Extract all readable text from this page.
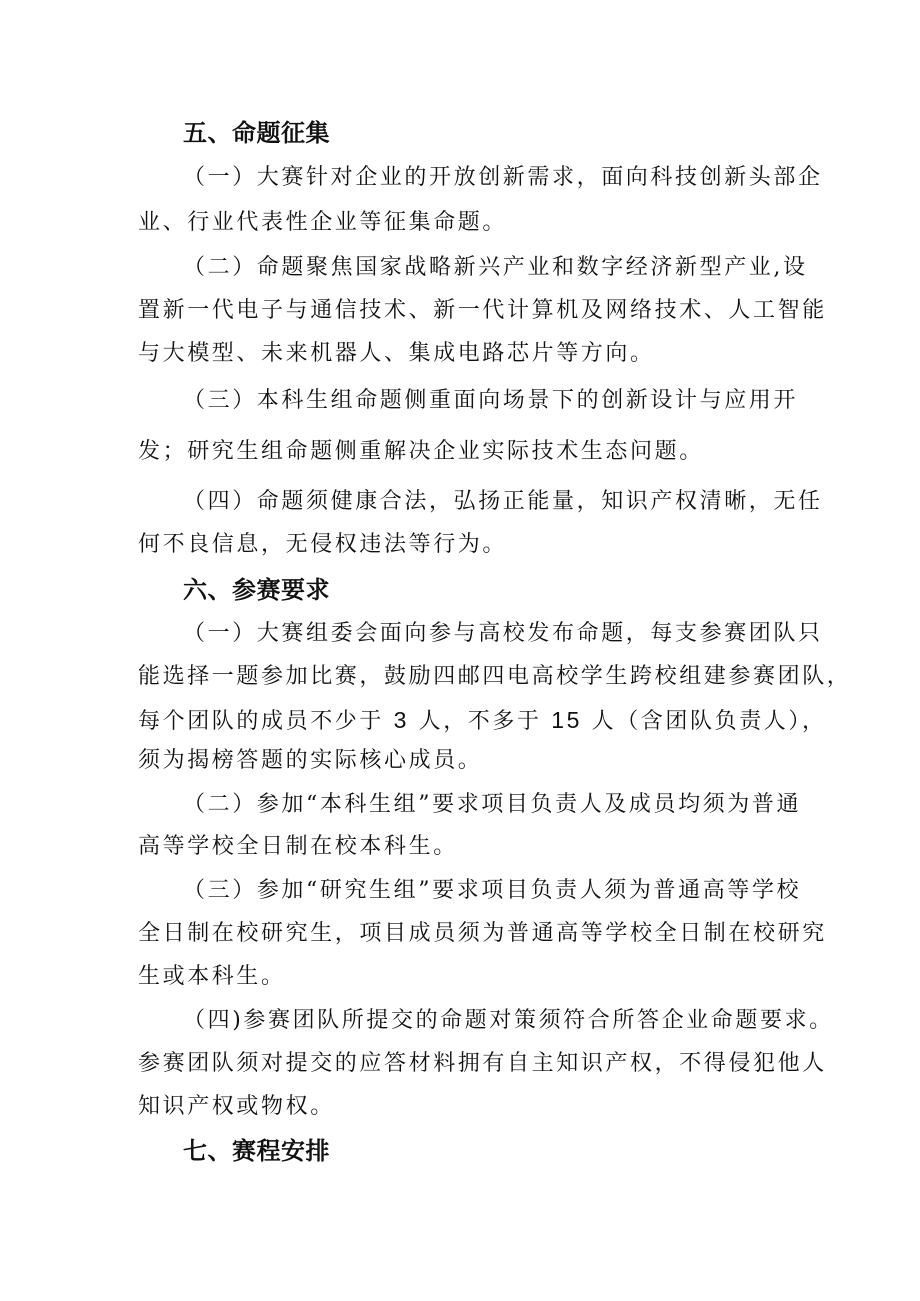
五、命题征集
（一）大赛针对企业的开放创新需求，面向科技创新头部企
业、行业代表性企业等征集命题。
（二）命题聚焦国家战略新兴产业和数字经济新型产业,设
置新一代电子与通信技术、新一代计算机及网络技术、人工智能
与大模型、未来机器人、集成电路芯片等方向。
（三）本科生组命题侧重面向场景下的创新设计与应用开
发；研究生组命题侧重解决企业实际技术生态问题。
（四）命题须健康合法，弘扬正能量，知识产权清晰，无任
何不良信息，无侵权违法等行为。
六、参赛要求
（一）大赛组委会面向参与高校发布命题，每支参赛团队只
能选择一题参加比赛，鼓励四邮四电高校学生跨校组建参赛团队，
每个团队的成员不少于 3 人，不多于 15 人（含团队负责人），
须为揭榜答题的实际核心成员。
（二）参加“本科生组”要求项目负责人及成员均须为普通
高等学校全日制在校本科生。
（三）参加“研究生组”要求项目负责人须为普通高等学校
全日制在校研究生，项目成员须为普通高等学校全日制在校研究
生或本科生。
（四)参赛团队所提交的命题对策须符合所答企业命题要求。
参赛团队须对提交的应答材料拥有自主知识产权，不得侵犯他人
知识产权或物权。
七、赛程安排
